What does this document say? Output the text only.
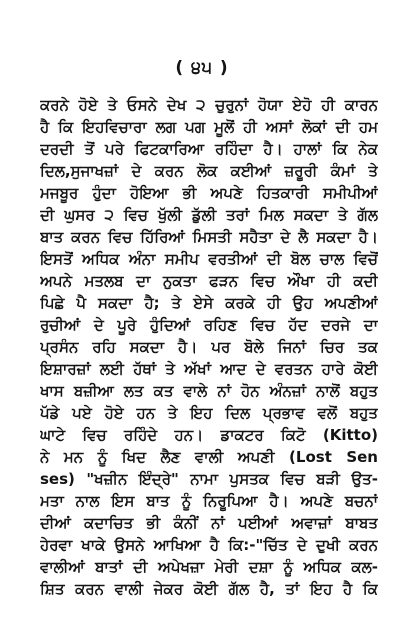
( ੪੫ )
ਕਰਨੇ ਹੋਏ ਤੇ ਓਸਨੇ ਦੇਖ ੨ ਚੁਰੁਨਾਂ ਹੋਯਾ ਏਹੋ ਹੀ ਕਾਰਨ
ਹੈ ਕਿ ਇਹਵਿਚਾਰਾ ਲਗ ਪਗ ਮੂਲੋਂ ਹੀ ਅਸਾਂ ਲੋਕਾਂ ਦੀ ਹਮ
ਦਰਦੀ ਤੋਂ ਪਰੇ ਫਿਟਕਾਰਿਆ ਰਹਿੰਦਾ ਹੈ। ਹਾਲਾਂ ਕਿ ਨੇਕ
ਦਿਲ,ਸੁਜਾਖਜ਼ਾਂ ਦੇ ਕਰਨ ਲੋਕ ਕਈਆਂ ਜ਼ਰੂਰੀ ਕੰਮਾਂ ਤੇ
ਮਜਬੂਰ ਹੁੰਦਾ ਹੋਇਆ ਭੀ ਅਪਣੇ ਹਿਤਕਾਰੀ ਸਮੀਪੀਆਂ
ਦੀ ਘੁਸਰ ੨ ਵਿਚ ਖੁੱਲੀ ਡੁੱਲੀ ਤਰਾਂ ਮਿਲ ਸਕਦਾ ਤੇ ਗੱਲ
ਬਾਤ ਕਰਨ ਵਿਚ ਹਿੱਰਿਆਂ ਮਿਸਤੀ ਸਹੈਤਾ ਦੇ ਲੈ ਸਕਦਾ ਹੈ।
ਇਸਤੋਂ ਅਧਿਕ ਅੰਨਾ ਸਮੀਪ ਵਰਤੀਆਂ ਦੀ ਬੋਲ ਚਾਲ ਵਿਚੋਂ
ਅਪਨੇ ਮਤਲਬ ਦਾ ਨੁਕਤਾ ਫੜਨ ਵਿਚ ਔਖਾ ਹੀ ਕਦੀ
ਪਿਛੇ ਪੈ ਸਕਦਾ ਹੈ; ਤੇ ਏਸੇ ਕਰਕੇ ਹੀ ਉਹ ਅਪਣੀਆਂ
ਰੁਚੀਆਂ ਦੇ ਪੂਰੇ ਹੁੰਦਿਆਂ ਰਹਿਣ ਵਿਚ ਹੱਦ ਦਰਜੇ ਦਾ
ਪ੍ਰਸੰਨ ਰਹਿ ਸਕਦਾ ਹੈ। ਪਰ ਬੋਲੇ ਜਿਨਾਂ ਚਿਰ ਤਕ
ਇਸ਼ਾਰਜ਼ਾਂ ਲਈ ਹੱਥਾਂ ਤੇ ਅੱਖਾਂ ਆਦ ਦੇ ਵਰਤਨ ਹਾਰੇ ਕੋਈ
ਖਾਸ ਬਜ਼ੀਆ ਲਤ ਕਤ ਵਾਲੇ ਨਾਂ ਹੋਨ ਅੰਨਜ਼ਾਂ ਨਾਲੋਂ ਬਹੁਤ
ਪੱਡੇ ਪਏ ਹੋਏ ਹਨ ਤੇ ਇਹ ਦਿਲ ਪ੍ਰਭਾਵ ਵਲੋਂ ਬਹੁਤ
ਘਾਟੇ ਵਿਚ ਰਹਿੰਦੇ ਹਨ। ਡਾਕਟਰ ਕਿਟੋ (Kitto)
ਨੇ ਮਨ ਨੂੰ ਖਿਦ ਲੈਣ ਵਾਲੀ ਅਪਣੀ (Lost Sen
ses) "ਖਜ਼ੀਨ ਇੰਦ੍ਰੇ" ਨਾਮਾ ਪੁਸਤਕ ਵਿਚ ਬੜੀ ਉਤ-
ਮਤਾ ਨਾਲ ਇਸ ਬਾਤ ਨੂੰ ਨਿਰੂਪਿਆ ਹੈ। ਅਪਣੇ ਬਚਨਾਂ
ਦੀਆਂ ਕਦਾਚਿਤ ਭੀ ਕੰਨੀਂ ਨਾਂ ਪਈਆਂ ਅਵਾਜ਼ਾਂ ਬਾਬਤ
ਹੇਰਵਾ ਖਾਕੇ ਉਸਨੇ ਆਖਿਆ ਹੈ ਕਿ:-"ਚਿੱਤ ਦੇ ਦੁਖੀ ਕਰਨ
ਵਾਲੀਆਂ ਬਾਤਾਂ ਦੀ ਅਪੇਖਜ਼ਾ ਮੇਰੀ ਦਸ਼ਾ ਨੂੰ ਅਧਿਕ ਕਲ-
ਸ਼ਿਤ ਕਰਨ ਵਾਲੀ ਜੇਕਰ ਕੋਈ ਗੱਲ ਹੈ, ਤਾਂ ਇਹ ਹੈ ਕਿ
